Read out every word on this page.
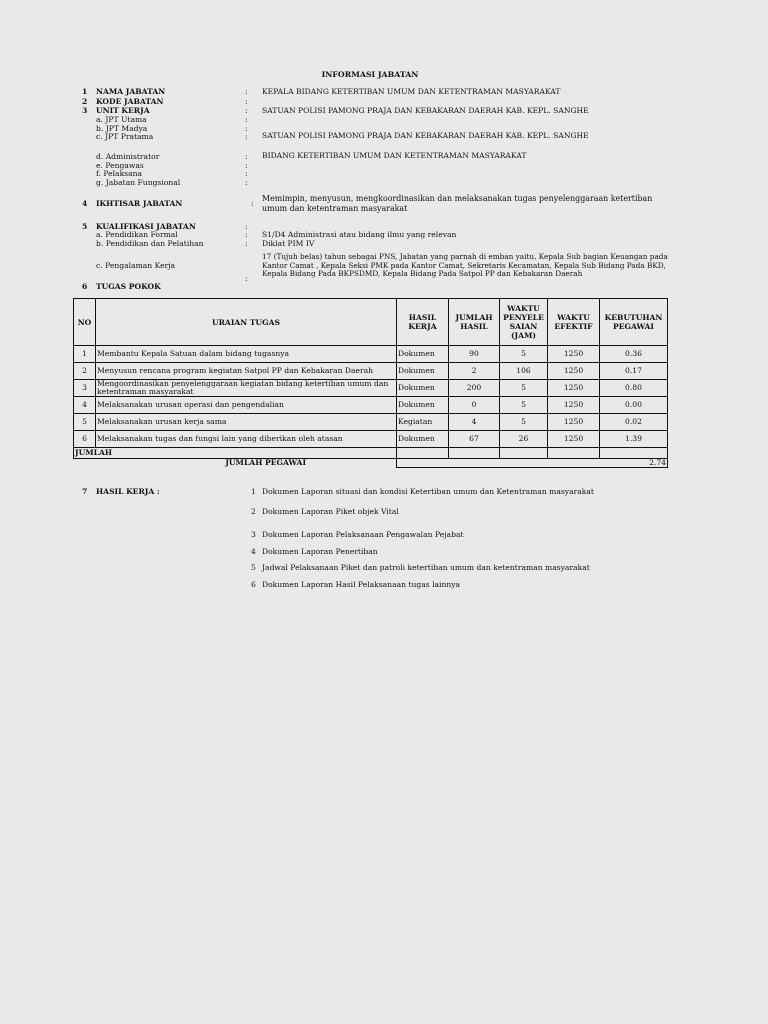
INFORMASI JABATAN
1 NAMA JABATAN	: KEPALA BIDANG KETERTIBAN UMUM DAN KETENTRAMAN MASYARAKAT
2 KODE JABATAN	:
3 UNIT KERJA	: SATUAN POLISI PAMONG PRAJA DAN KEBAKARAN DAERAH KAB. KEPL. SANGHE
a. JPT Utama	:
b. JPT Madya	:
c. JPT Pratama	: SATUAN POLISI PAMONG PRAJA DAN KEBAKARAN DAERAH KAB. KEPL. SANGHE
d. Administrator	: BIDANG KETERTIBAN UMUM DAN KETENTRAMAN MASYARAKAT
e. Pengawas	:
f. Pelaksana	:
g. Jabatan Fungsional	:
4 IKHTISAR JABATAN	:
Memimpin, menyusun, mengkoordinasikan dan melaksanakan tugas penyelenggaraan ketertiban umum dan ketentraman masyarakat
5 KUALIFIKASI JABATAN	:
a. Pendidikan Formal	: S1/D4 Administrasi atau bidang ilmu yang relevan
b. Pendidikan dan Pelatihan	: Diklat PIM IV
c. Pengalaman Kerja
:
17 (Tujuh belas) tahun sebagai PNS, Jabatan yang parnah di emban yaitu, Kepala Sub bagian Keuangan pada Kantor Camat , Kepala Seksi PMK pada Kantor Camat, Sekretaris Kecamatan, Kepala Sub Bidang Pada BKD, Kepala Bidang Pada BKPSDMD, Kepala Bidang Pada Satpol PP dan Kebakaran Daerah
6 TUGAS POKOK
NO	URAIAN TUGAS	HASIL KERJA	JUMLAH HASIL	WAKTU PENYELE SAIAN (JAM)	WAKTU EFEKTIF	KEBUTUHAN PEGAWAI
1	Membantu Kepala Satuan dalam bidang tugasnya	Dokumen	90	5	1250	0.36
2	Menyusun rencana program kegiatan Satpol PP dan Kebakaran Daerah	Dokumen	2	106	1250	0.17
3	Mengoordinasikan penyelenggaraan kegiatan bidang ketertiban umum dan ketentraman masyarakat	Dokumen	200	5	1250	0.80
4	Melaksanakan urusan operasi dan pengendalian	Dokumen	0	5	1250	0.00
5	Melaksanakan urusan kerja sama	Kegiatan	4	5	1250	0.02
6	Melaksanakan tugas dan fungsi lain yang diberikan oleh atasan	Dokumen	67	26	1250	1.39
JUMLAH						
JUMLAH PEGAWAI		2.74				
7 HASIL KERJA :	1 Dokumen Laporan situasi dan kondisi Ketertiban umum dan Ketentraman masyarakat
2 Dokumen Laporan Piket objek Vital
3 Dokumen Laporan Pelaksanaan Pengawalan Pejabat
4 Dokumen Laporan Penertiban
5 Jadwal Pelaksanaan Piket dan patroli ketertiban umum dan ketentraman masyarakat
6 Dokumen Laporan Hasil Pelaksanaan tugas lainnya
